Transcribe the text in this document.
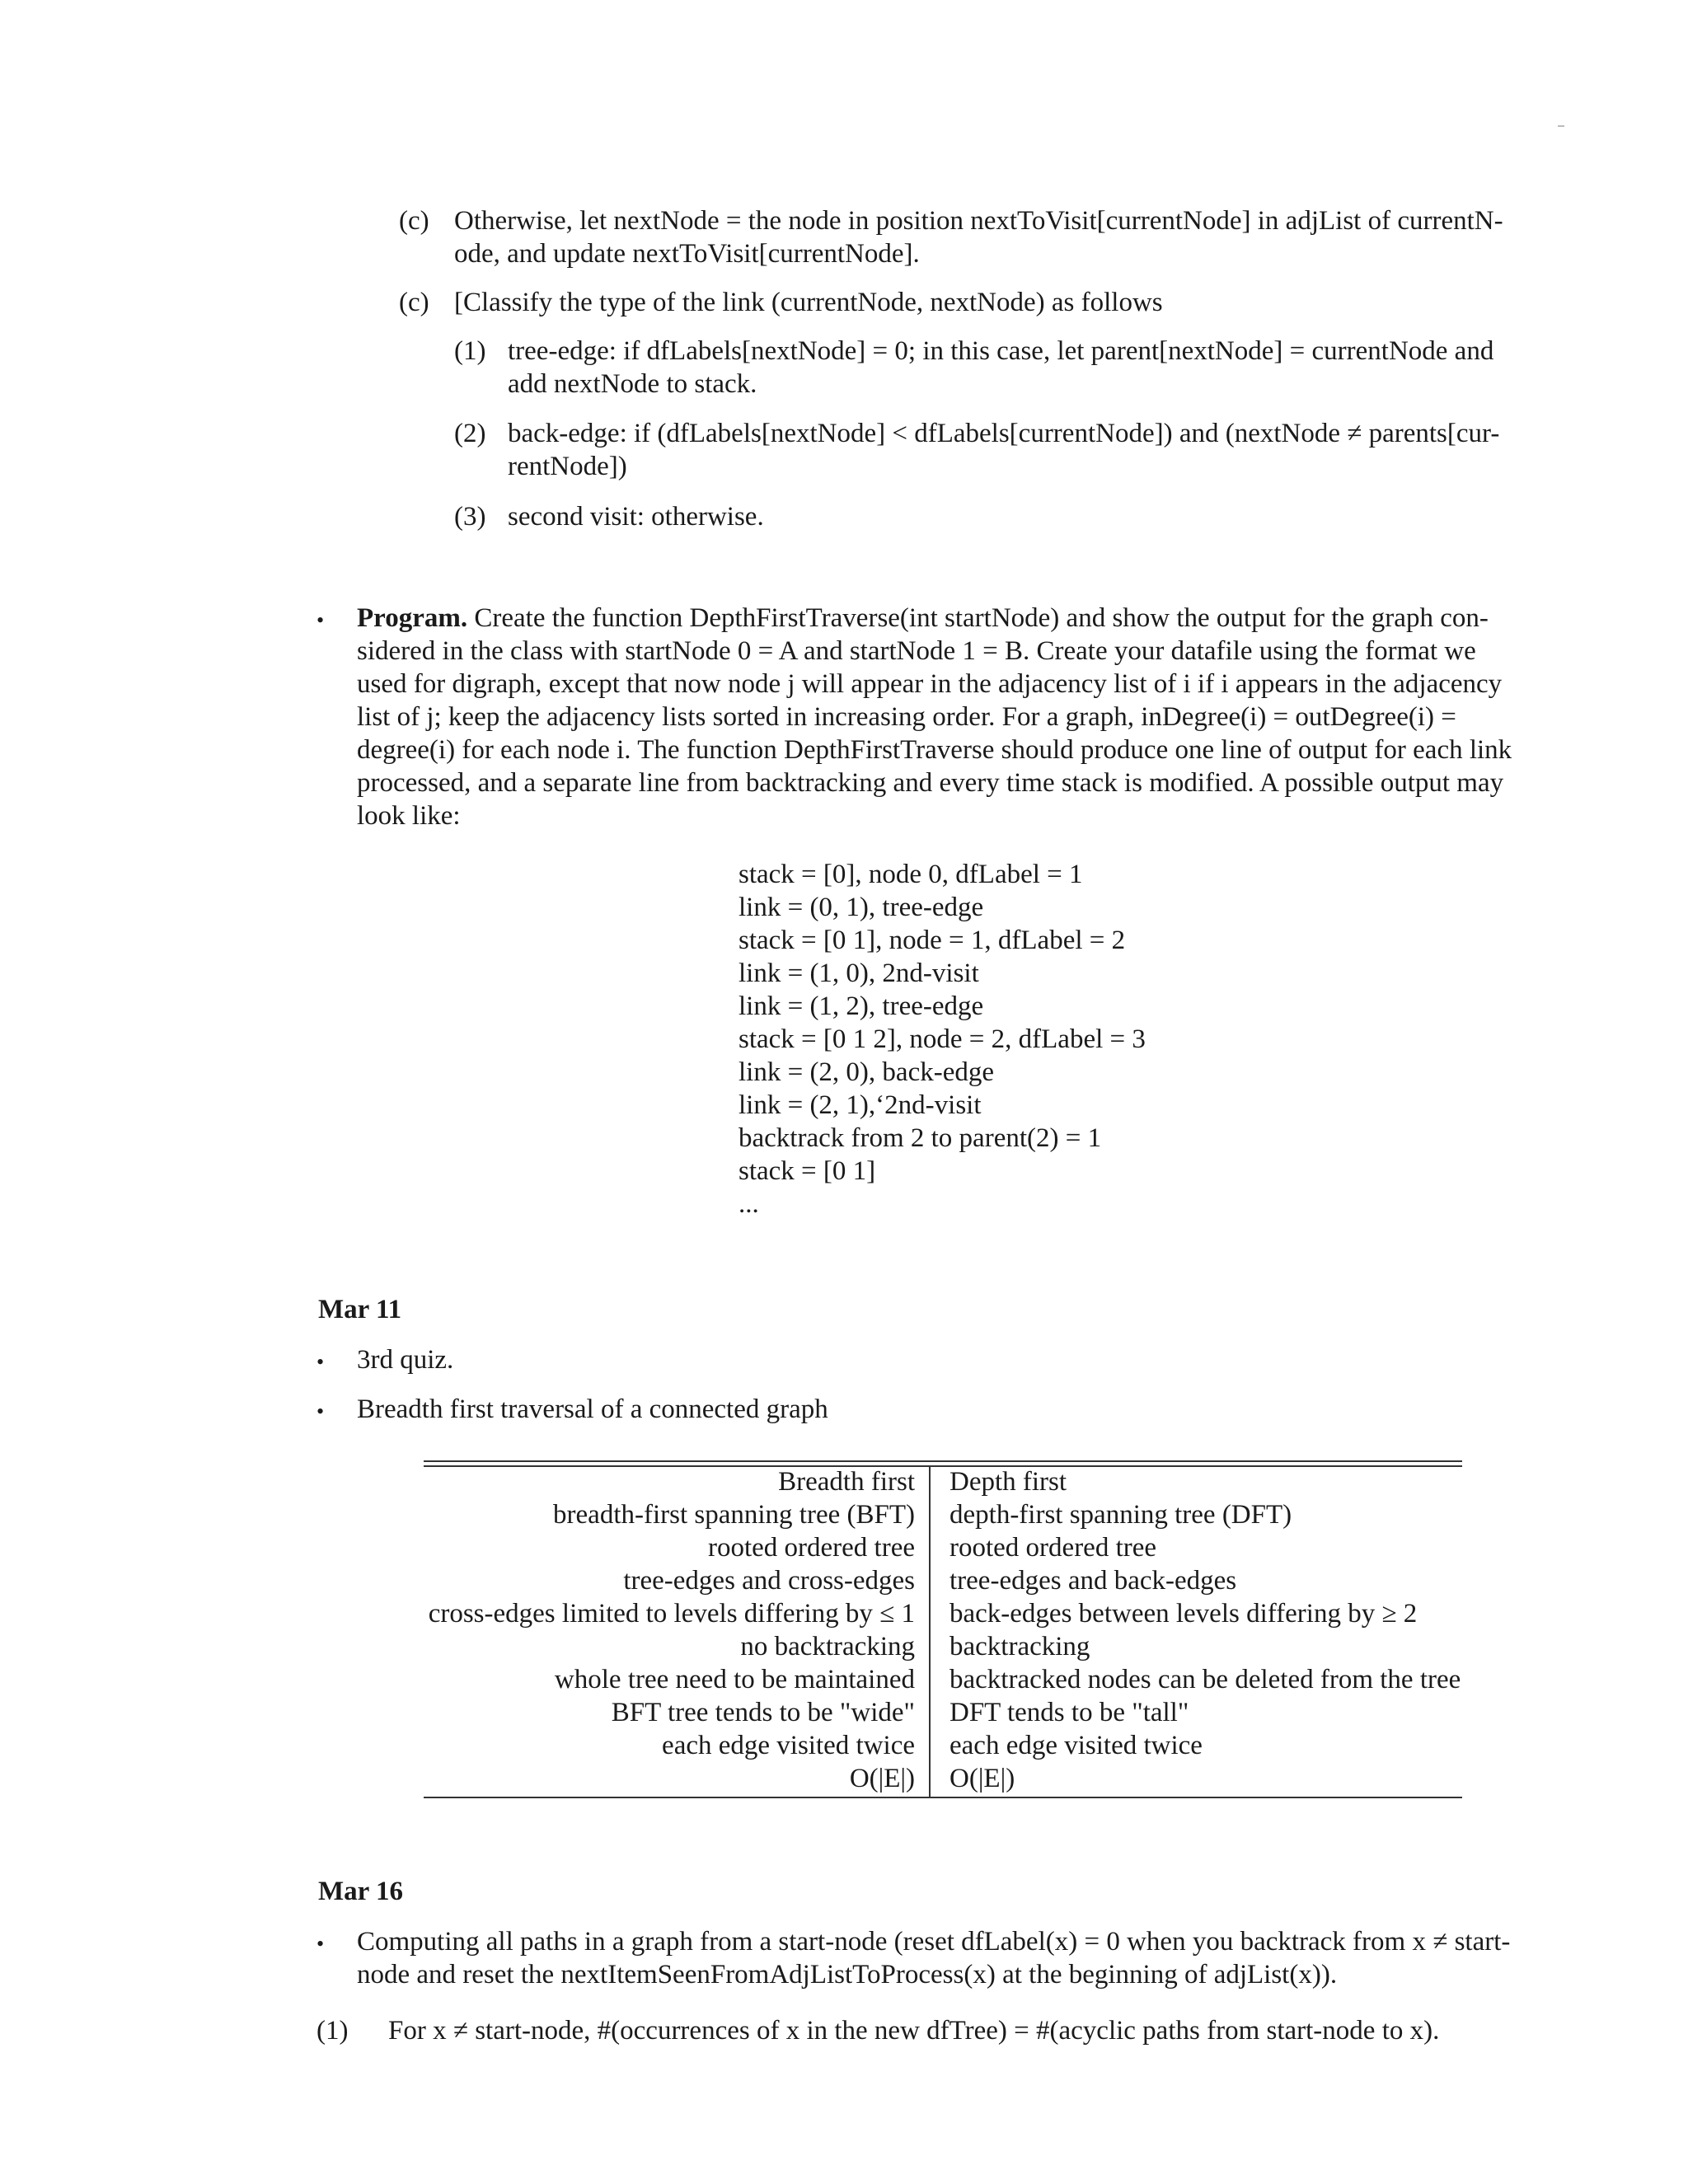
(c) Otherwise, let nextNode = the node in position nextToVisit[currentNode] in adjList of currentN-
ode, and update nextToVisit[currentNode].
(c) [Classify the type of the link (currentNode, nextNode) as follows
(1) tree-edge: if dfLabels[nextNode] = 0; in this case, let parent[nextNode] = currentNode and
add nextNode to stack.
(2) back-edge: if (dfLabels[nextNode] < dfLabels[currentNode]) and (nextNode ≠ parents[cur-
rentNode])
(3) second visit: otherwise.
• Program. Create the function DepthFirstTraverse(int startNode) and show the output for the graph con-
sidered in the class with startNode 0 = A and startNode 1 = B. Create your datafile using the format we
used for digraph, except that now node j will appear in the adjacency list of i if i appears in the adjacency
list of j; keep the adjacency lists sorted in increasing order. For a graph, inDegree(i) = outDegree(i) =
degree(i) for each node i. The function DepthFirstTraverse should produce one line of output for each link
processed, and a separate line from backtracking and every time stack is modified. A possible output may
look like:
stack = [0], node 0, dfLabel = 1
link = (0, 1), tree-edge
stack = [0 1], node = 1, dfLabel = 2
link = (1, 0), 2nd-visit
link = (1, 2), tree-edge
stack = [0 1 2], node = 2, dfLabel = 3
link = (2, 0), back-edge
link = (2, 1),‘2nd-visit
backtrack from 2 to parent(2) = 1
stack = [0 1]
...
Mar 11
• 3rd quiz.
• Breadth first traversal of a connected graph
Breadth first
breadth-first spanning tree (BFT)
rooted ordered tree
tree-edges and cross-edges
cross-edges limited to levels differing by ≤ 1
no backtracking
whole tree need to be maintained
BFT tree tends to be "wide"
each edge visited twice
O(|E|)
Depth first
depth-first spanning tree (DFT)
rooted ordered tree
tree-edges and back-edges
back-edges between levels differing by ≥ 2
backtracking
backtracked nodes can be deleted from the tree
DFT tends to be "tall"
each edge visited twice
O(|E|)
Mar 16
• Computing all paths in a graph from a start-node (reset dfLabel(x) = 0 when you backtrack from x ≠ start-
node and reset the nextItemSeenFromAdjListToProcess(x) at the beginning of adjList(x)).
(1) For x ≠ start-node, #(occurrences of x in the new dfTree) = #(acyclic paths from start-node to x).
